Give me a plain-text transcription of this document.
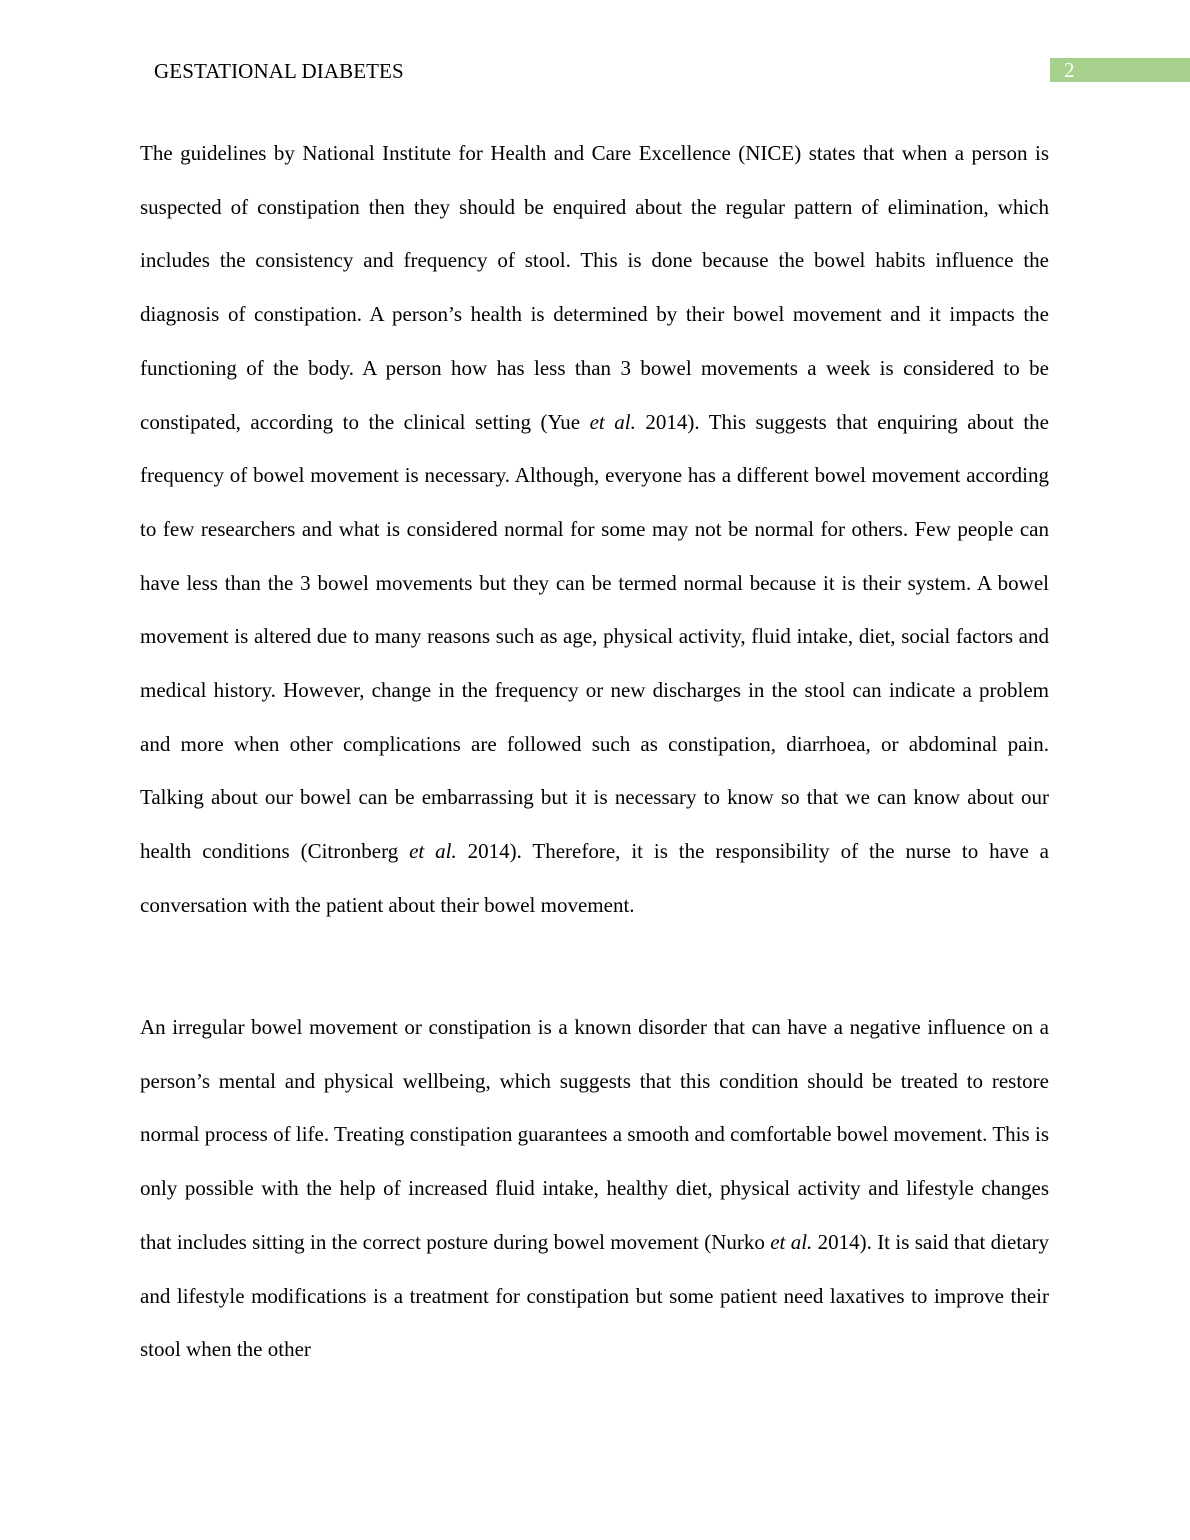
GESTATIONAL DIABETES	2

The guidelines by National Institute for Health and Care Excellence (NICE) states that when a person is suspected of constipation then they should be enquired about the regular pattern of elimination, which includes the consistency and frequency of stool. This is done because the bowel habits influence the diagnosis of constipation. A person’s health is determined by their bowel movement and it impacts the functioning of the body. A person how has less than 3 bowel movements a week is considered to be constipated, according to the clinical setting (Yue et al. 2014). This suggests that enquiring about the frequency of bowel movement is necessary. Although, everyone has a different bowel movement according to few researchers and what is considered normal for some may not be normal for others. Few people can have less than the 3 bowel movements but they can be termed normal because it is their system. A bowel movement is altered due to many reasons such as age, physical activity, fluid intake, diet, social factors and medical history. However, change in the frequency or new discharges in the stool can indicate a problem and more when other complications are followed such as constipation, diarrhoea, or abdominal pain. Talking about our bowel can be embarrassing but it is necessary to know so that we can know about our health conditions (Citronberg et al. 2014). Therefore, it is the responsibility of the nurse to have a conversation with the patient about their bowel movement.

An irregular bowel movement or constipation is a known disorder that can have a negative influence on a person’s mental and physical wellbeing, which suggests that this condition should be treated to restore normal process of life. Treating constipation guarantees a smooth and comfortable bowel movement. This is only possible with the help of increased fluid intake, healthy diet, physical activity and lifestyle changes that includes sitting in the correct posture during bowel movement (Nurko et al. 2014). It is said that dietary and lifestyle modifications is a treatment for constipation but some patient need laxatives to improve their stool when the other
